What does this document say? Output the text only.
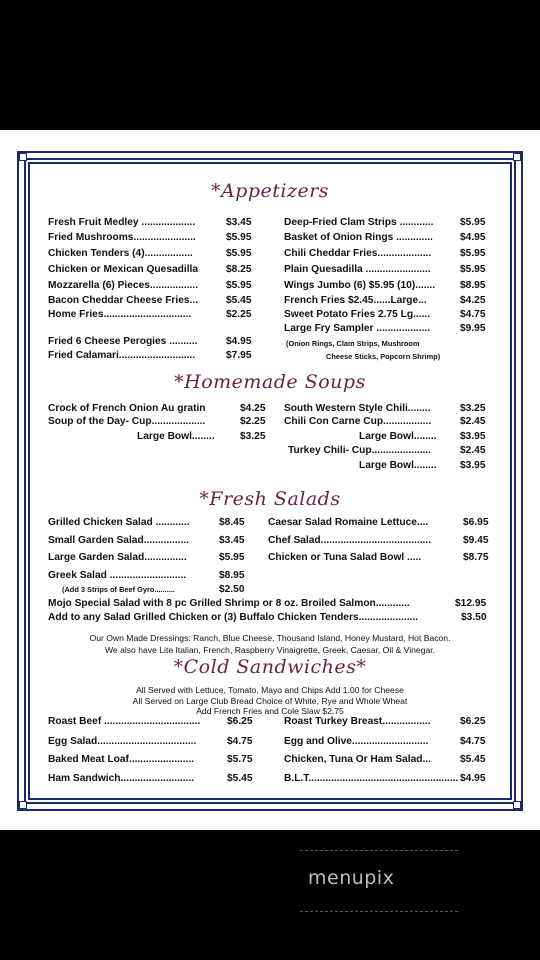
*Appetizers
*Homemade Soups
*Fresh Salads
*Cold Sandwiches*
Fresh Fruit Medley ...................	$3.45
Fried Mushrooms......................	$5.95
Chicken Tenders (4).................	$5.95
Chicken or Mexican Quesadilla	$8.25
Mozzarella (6) Pieces.................	$5.95
Bacon Cheddar Cheese Fries...	$5.45
Home Fries...............................	$2.25
Fried 6 Cheese Perogies ..........	$4.95
Fried Calamari...........................	$7.95
Deep-Fried Clam Strips ............	$5.95
Basket of Onion Rings .............	$4.95
Chili Cheddar Fries...................	$5.95
Plain Quesadilla .......................	$5.95
Wings Jumbo (6) $5.95 (10)....... $8.95
French Fries $2.45......Large...	$4.25
Sweet Potato Fries 2.75 Lg......	$4.75
Large Fry Sampler ...................	$9.95
(Onion Rings, Clam Strips, Mushroom
Cheese Sticks, Popcorn Shrimp)
Crock of French Onion Au gratin	$4.25
Soup of the Day- Cup...................	$2.25
Large Bowl........ $3.25
South Western Style Chili........	$3.25
Chili Con Carne Cup.................	$2.45
Large Bowl........ $3.95
Turkey Chili- Cup.....................	$2.45
Large Bowl........ $3.95
Grilled Chicken Salad ............	$8.45
Small Garden Salad................	$3.45
Large Garden Salad...............	$5.95
Greek Salad ...........................	$8.95
(Add 3 Strips of Beef Gyro..........	$2.50
Caesar Salad Romaine Lettuce....	$6.95
Chef Salad.......................................	$9.45
Chicken or Tuna Salad Bowl .....	$8.75
Mojo Special Salad with 8 pc Grilled Shrimp or 8 oz. Broiled Salmon............	$12.95
Add to any Salad Grilled Chicken or (3) Buffalo Chicken Tenders.....................	$3.50
Our Own Made Dressings: Ranch, Blue Cheese, Thousand Island, Honey Mustard, Hot Bacon.
We also have Lite Italian, French, Raspberry Vinaigrette, Greek, Caesar, Oil & Vinegar.
All Served with Lettuce, Tomato, Mayo and Chips Add 1.00 for Cheese
All Served on Large Club Bread Choice of White, Rye and Whole Wheat
Add French Fries and Cole Slaw $2.75
Roast Beef ..................................	$6.25
Egg Salad...................................	$4.75
Baked Meat Loaf.......................	$5.75
Ham Sandwich..........................	$5.45
Roast Turkey Breast.................	$6.25
Egg and Olive...........................	$4.75
Chicken, Tuna Or Ham Salad...	$5.45
B.L.T..................................................... $4.95
menupix
